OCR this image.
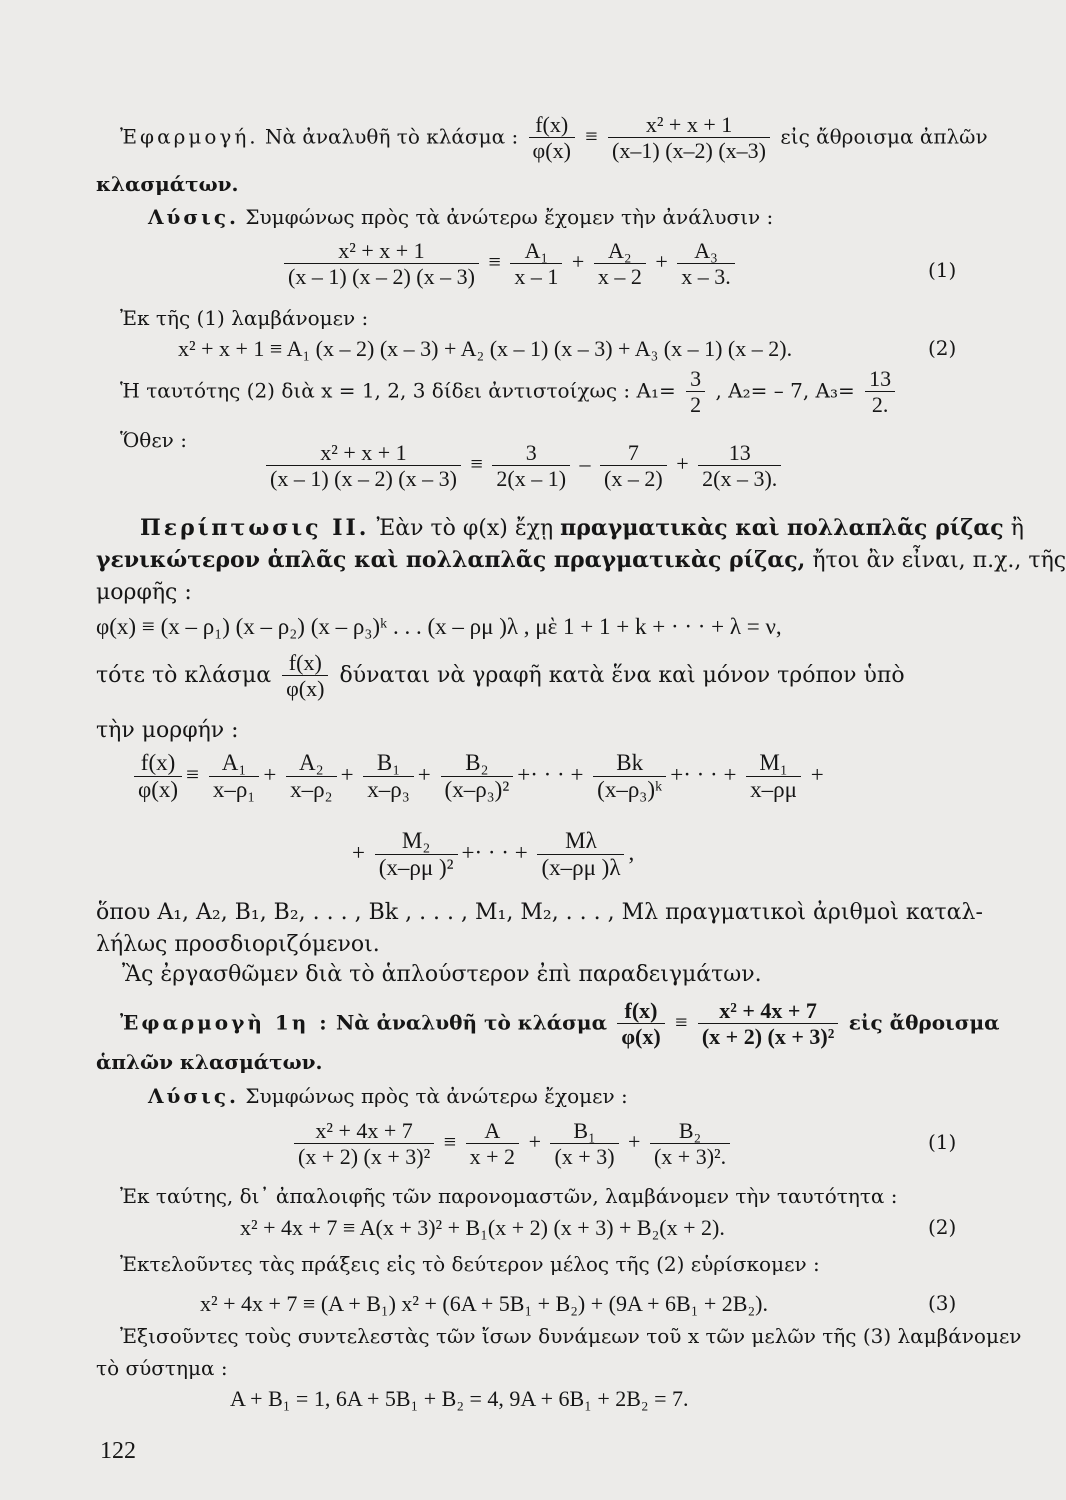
Ἐφαρμογή. Νὰ ἀναλυθῆ τὸ κλάσμα : $\frac{f(x)}{\varphi(x)} \equiv \frac{\text{x² + x + 1}}{(x-1) (x-2) (x-3)}$ εἰς ἄθροισμα ἀπλῶν
κλασμάτων.
Λύσις. Συμφώνως πρὸς τὰ ἀνώτερω ἔχομεν τὴν ἀνάλυσιν :
$\frac{\text{x² + x + 1}}{(x - 1) (x - 2) (x - 3)} \equiv \frac{\text{A₁}}{x - 1} + \frac{\text{A₂}}{x - 2} + \frac{\text{A₃}}{x - 3.}$	(1)
Ἐκ τῆς (1) λαμβάνομεν :
x² + x + 1 ≡ A₁ (x – 2) (x – 3) + A₂ (x – 1) (x – 3) + A₃ (x – 1) (x – 2).	(2)
Ἡ ταυτότης (2) διὰ x = 1, 2, 3 δίδει ἀντιστοίχως : $A_1= \frac{3}{2}$ , A₂= – 7, $A_3= \frac{13}{2.}$
Ὅθεν :	$\frac{\text{x² + x + 1}}{(x - 1) (x - 2) (x - 3)} \equiv \frac{3}{2(x - 1)} - \frac{7}{(x - 2)} + \frac{13}{2(x - 3).}$
Περίπτωσις ΙΙ. Ἐὰν τὸ φ(x) ἔχῃ πραγματικὰς καὶ πολλαπλᾶς ρίζας ἢ
γενικώτερον ἁπλᾶς καὶ πολλαπλᾶς πραγματικὰς ρίζας, ἤτοι ἂν εἶναι, π.χ., τῆς
μορφῆς :
φ(x) ≡ (x – ρ₁) (x – ρ₂) (x – ρ₃)ᵏ . . . (x – ρμ )λ , μὲ 1 + 1 + k + · · · + λ = ν,
τότε τὸ κλάσμα $\frac{f(x)}{\varphi(x)}$ δύναται νὰ γραφῆ κατὰ ἕνα καὶ μόνον τρόπον ὑπὸ
τὴν μορφήν :
$\frac{f(x)}{\varphi(x)} \equiv \frac{\text{A₁}}{\text{x–ρ₁}} + \frac{\text{A₂}}{\text{x–ρ₂}} + \frac{\text{B₁}}{\text{x–ρ₃}} + \frac{\text{B₂}}{\text{(x–ρ₃)²}}$ +· · · + $\frac{Bk}{\text{(x–ρ₃)ᵏ}}$ +· · · + $\frac{\text{M₁}}{x-\rho\mu}$ +
+ $\frac{\text{M₂}}{\text{(x–ρμ )²}}$ +· · · + $\frac{M\lambda}{(x-\rho\mu )\lambda}$ ,
ὅπου A₁, A₂, B₁, B₂, . . . , Bk , . . . , M₁, M₂, . . . , Mλ πραγματικοὶ ἀριθμοὶ καταλ-
λήλως προσδιοριζόμενοι.
Ἂς ἐργασθῶμεν διὰ τὸ ἁπλούστερον ἐπὶ παραδειγμάτων.
Ἐφαρμογὴ 1η : Νὰ ἀναλυθῆ τὸ κλάσμα $\frac{f(x)}{\varphi(x)} \equiv \frac{\text{x² + 4x + 7}}{\text{(x + 2) (x + 3)²}}$ εἰς ἄθροισμα
ἁπλῶν κλασμάτων.
Λύσις. Συμφώνως πρὸς τὰ ἀνώτερω ἔχομεν :
$\frac{\text{x² + 4x + 7}}{\text{(x + 2) (x + 3)²}} \equiv \frac{A}{x + 2} + \frac{\text{B₁}}{(x + 3)} + \frac{\text{B₂}}{\text{(x + 3)².}}$	(1)
Ἐκ ταύτης, δι᾽ ἀπαλοιφῆς τῶν παρονομαστῶν, λαμβάνομεν τὴν ταυτότητα :
x² + 4x + 7 ≡ A(x + 3)² + B₁(x + 2) (x + 3) + B₂(x + 2).	(2)
Ἐκτελοῦντες τὰς πράξεις εἰς τὸ δεύτερον μέλος τῆς (2) εὑρίσκομεν :
x² + 4x + 7 ≡ (A + B₁) x² + (6A + 5B₁ + B₂) + (9A + 6B₁ + 2B₂).	(3)
Ἐξισοῦντες τοὺς συντελεστὰς τῶν ἴσων δυνάμεων τοῦ x τῶν μελῶν τῆς (3) λαμβάνομεν
τὸ σύστημα :
A + B₁ = 1, 6A + 5B₁ + B₂ = 4, 9A + 6B₁ + 2B₂ = 7.
122
